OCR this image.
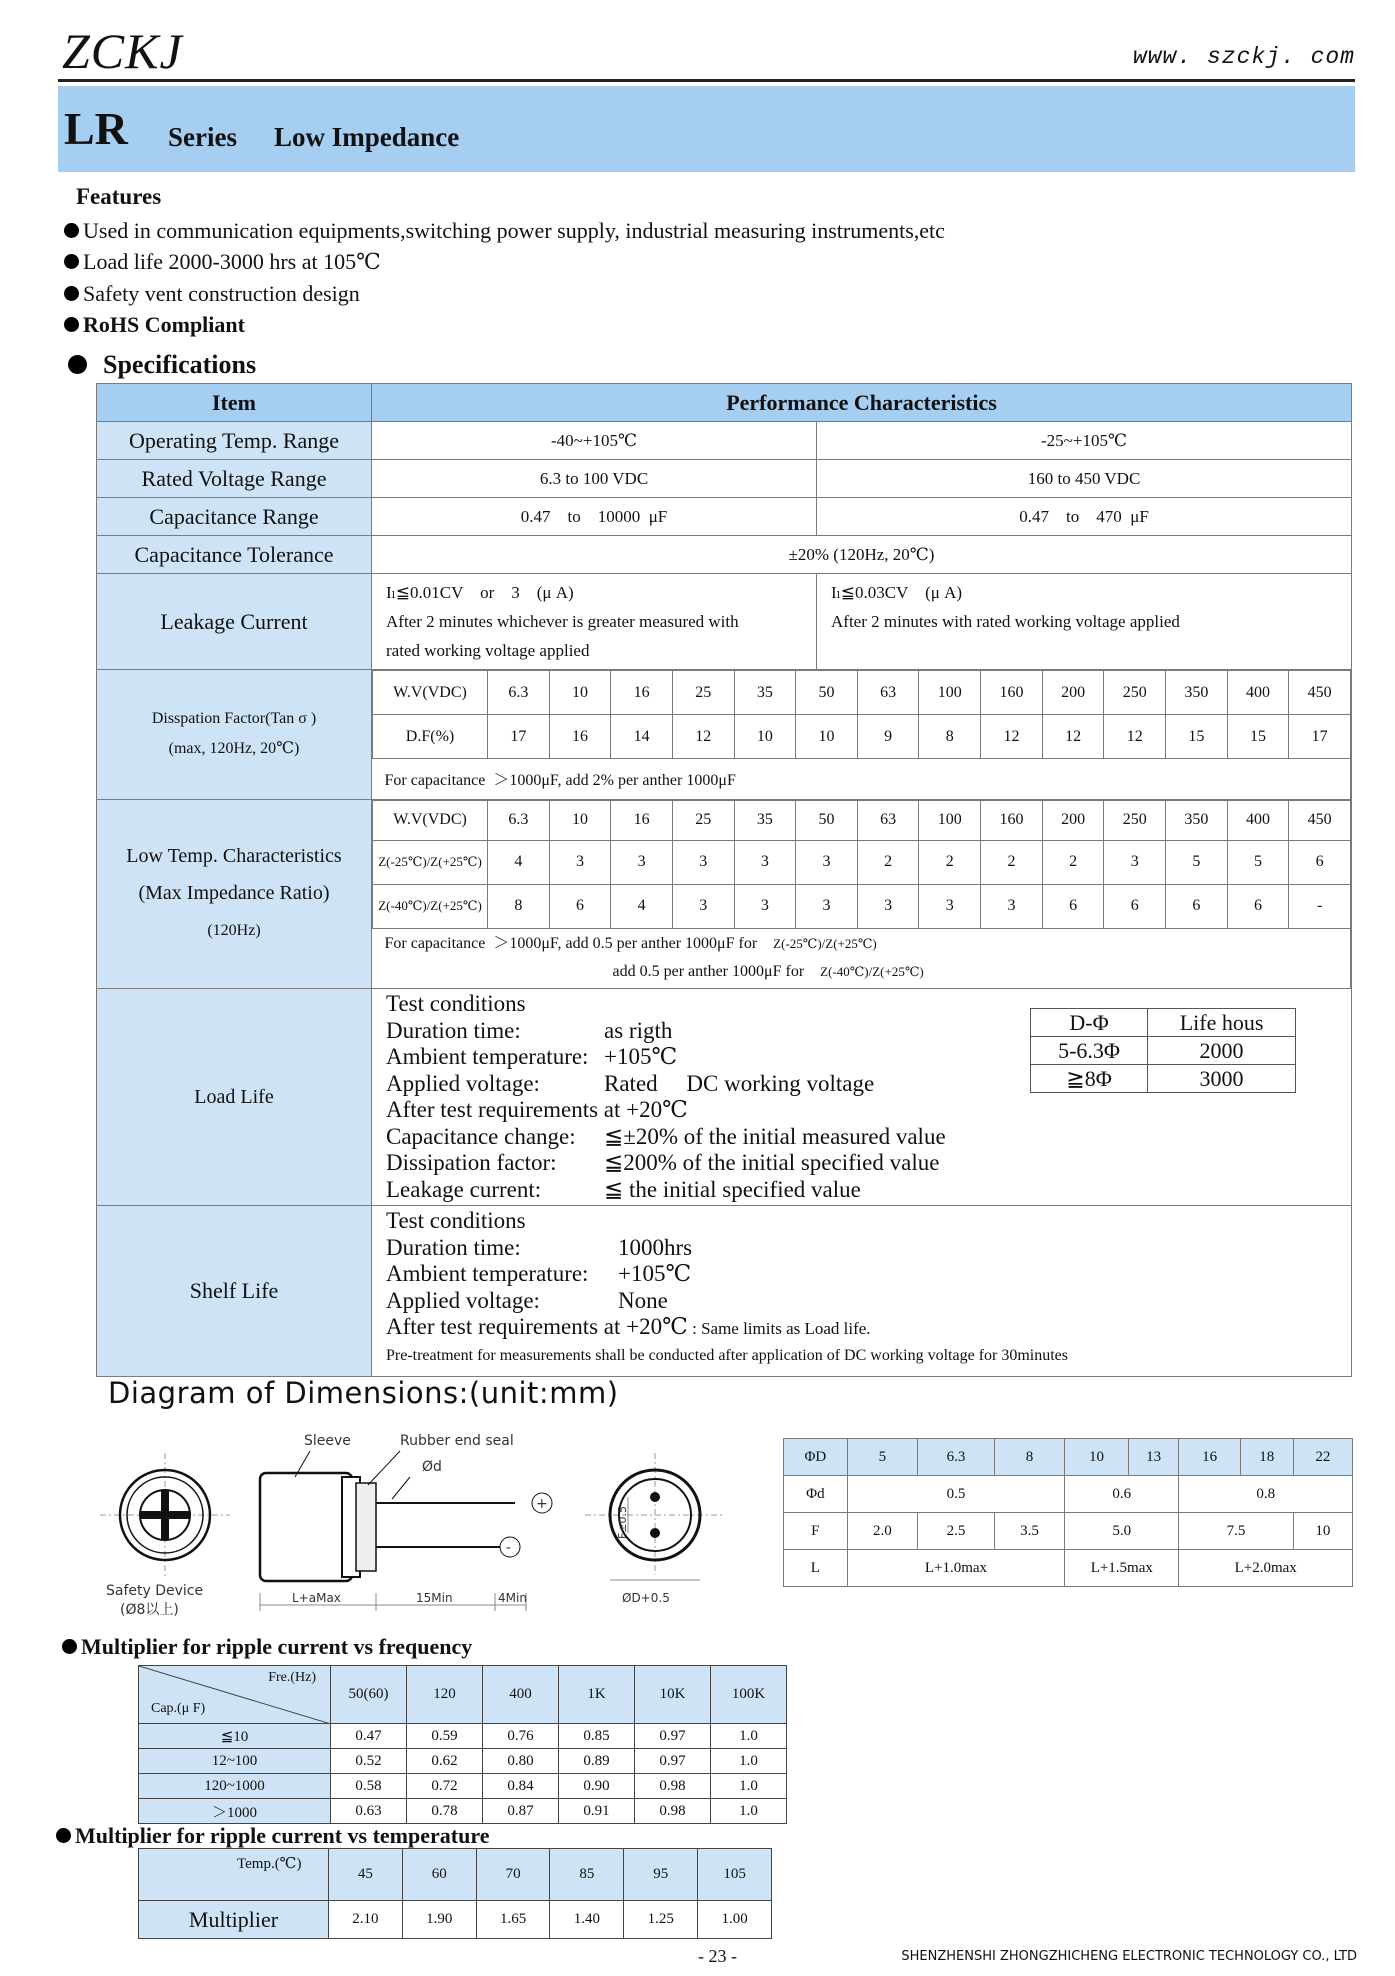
ZCKJ	www. szckj. com
LR Series Low Impedance
Features
Used in communication equipments,switching power supply, industrial measuring instruments,etc
Load life 2000-3000 hrs at 105℃
Safety vent construction design
RoHS Compliant
Specifications
Item	Performance Characteristics
Operating Temp. Range	-40~+105℃	-25~+105℃
Rated Voltage Range	6.3 to 100 VDC	160 to 450 VDC
Capacitance Range	0.47    to    10000  μF	0.47    to    470  μF
Capacitance Tolerance	±20% (120Hz, 20℃)
Leakage Current	
Iₗ≦0.01CV    or    3    (μ A)
After 2 minutes whichever is greater measured with
rated working voltage applied

Iₗ≦0.03CV    (μ A)
After 2 minutes with rated working voltage applied

Disspation Factor(Tan σ )
(max, 120Hz, 20℃)

W.V(VDC)	6.3	10	16	25	35	50	63	100	160	200	250	350	400	450
D.F(%)	17	16	14	12	10	10	9	8	12	12	12	15	15	17
For capacitance  ＞1000μF, add 2% per anther 1000μF

Low Temp. Characteristics
(Max Impedance Ratio)
(120Hz)

W.V(VDC)	6.3	10	16	25	35	50	63	100	160	200	250	350	400	450
Z(-25℃)/Z(+25℃)	4	3	3	3	3	3	2	2	2	2	3	5	5	6
Z(-40℃)/Z(+25℃)	8	6	4	3	3	3	3	3	3	6	6	6	6	-

For capacitance  ＞1000μF, add 0.5 per anther 1000μF for Z(-25℃)/Z(+25℃)
add 0.5 per anther 1000μF for Z(-40℃)/Z(+25℃)

Load Life	
Test conditions
Duration time:	as rigth
Ambient temperature: +105℃
Applied voltage:	Rated     DC working voltage
After test requirements at +20℃
Capacitance change: ≦±20% of the initial measured value
Dissipation factor: ≦200% of the initial specified value
Leakage current:	≦ the initial specified value

Shelf Life	
Test conditions
Duration time:	1000hrs
Ambient temperature: +105℃
Applied voltage:	None
After test requirements at +20℃ : Same limits as Load life.
Pre-treatment for measurements shall be conducted after application of DC working voltage for 30minutes
D-Φ	Life hous
5-6.3Φ	2000
≧8Φ	3000
Diagram of Dimensions:(unit:mm)
Safety Device
(Ø8以上)
+
-
Sleeve	Rubber end seal
Ød
L+aMax	15Min	4Min
F±0.5
ØD+0.5
ΦD	5	6.3	8	10	13	16	18	22
Φd	0.5			0.6		0.8		
F	2.0	2.5	3.5	5.0		7.5		10
L	L+1.0max			L+1.5max		L+2.0max		
Multiplier for ripple current vs frequency
Fre.(Hz)
Cap.(μ F)	50(60)	120	400	1K	10K	100K
≦10	0.47	0.59	0.76	0.85	0.97	1.0
12~100	0.52	0.62	0.80	0.89	0.97	1.0
120~1000	0.58	0.72	0.84	0.90	0.98	1.0
＞1000	0.63	0.78	0.87	0.91	0.98	1.0
Multiplier for ripple current vs temperature
Temp.(℃)	45	60	70	85	95	105
Multiplier	2.10	1.90	1.65	1.40	1.25	1.00
- 23 -	SHENZHENSHI ZHONGZHICHENG ELECTRONIC TECHNOLOGY CO., LTD
